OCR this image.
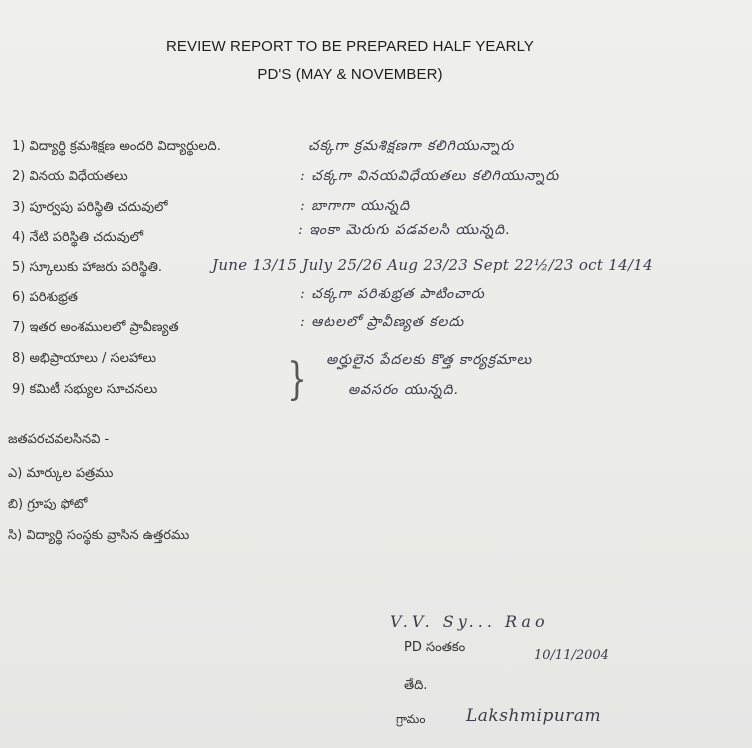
REVIEW REPORT TO BE PREPARED HALF YEARLY
PD'S (MAY & NOVEMBER)
1) విద్యార్థి క్రమశిక్షణ అందరి విద్యార్థులది.
2) వినయ విధేయతలు
3) పూర్వపు పరిస్థితి చదువులో
4) నేటి పరిస్థితి చదువులో
5) స్కూలుకు హాజరు పరిస్థితి.
6) పరిశుభ్రత
7) ఇతర అంశములలో ప్రావీణ్యత
8) అభిప్రాయాలు / సలహాలు
9) కమిటీ సభ్యుల సూచనలు
చక్కగా క్రమశిక్షణగా కలిగియున్నారు
: చక్కగా వినయవిధేయతలు కలిగియున్నారు
: బాగాగా యున్నది
: ఇంకా మెరుగు పడవలసి యున్నది.
June 13/15 July 25/26 Aug 23/23 Sept 22½/23 oct 14/14
: చక్కగా పరిశుభ్రత పాటించారు
: ఆటలలో ప్రావీణ్యత కలదు
} అర్హులైన పేదలకు కొత్త కార్యక్రమాలు
అవసరం యున్నది.
జతపరచవలసినవి -
ఎ) మార్కుల పత్రము
బి) గ్రూపు ఫోటో
సి) విద్యార్థి సంస్థకు వ్రాసిన ఉత్తరము
V.V. Sy... Rao
PD సంతకం
10/11/2004
తేది.
గ్రామం Lakshmipuram
